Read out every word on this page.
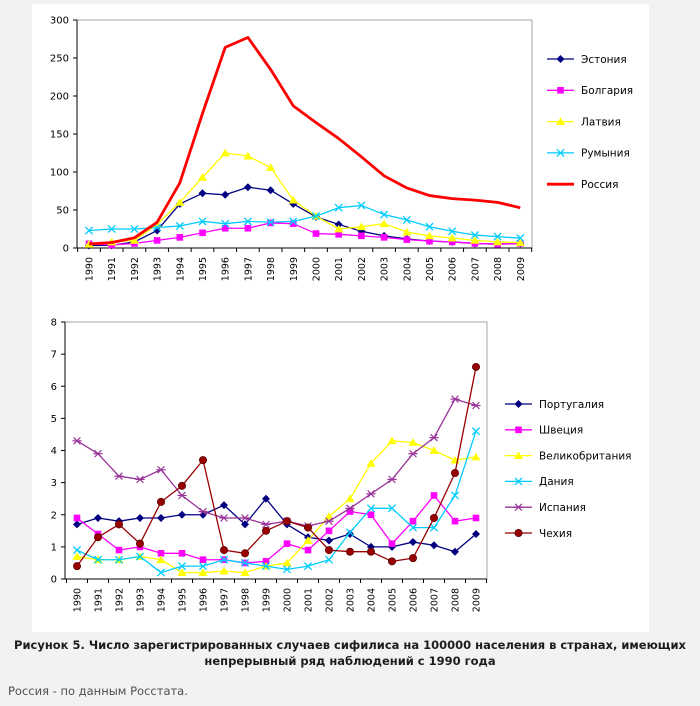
0
50
100
150
200
250
300
1990 1991 1992 1993 1994 1995 1996 1997 1998 1999 2000 2001 2002 2003 2004 2005 2006 2007 2008 2009
Эстония
Болгария
Латвия
Румыния
Россия
0
1
2
3
4
5
6
7
8
1990 1991 1992 1993 1994 1995 1996 1997 1998 1999 2000 2001 2002 2003 2004 2005 2006 2007 2008 2009
Португалия
Швеция
Великобритания
Дания
Испания
Чехия
Рисунок 5. Число зарегистрированных случаев сифилиса на 100000 населения в странах, имеющих
непрерывный ряд наблюдений с 1990 года
Россия - по данным Росстата.
